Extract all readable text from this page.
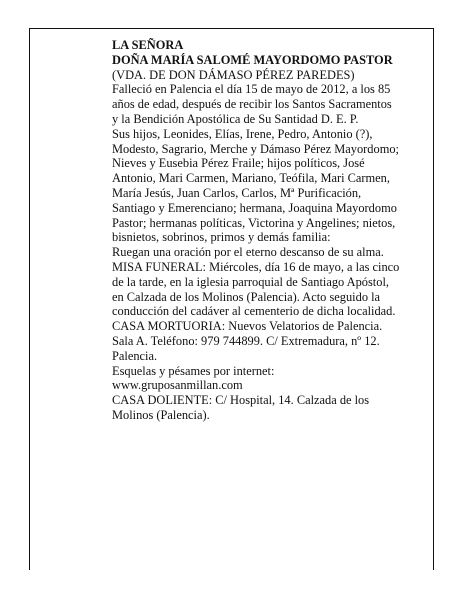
LA SEÑORA

DOÑA MARÍA SALOMÉ MAYORDOMO PASTOR

(VDA. DE DON DÁMASO PÉREZ PAREDES)

Falleció en Palencia el día 15 de mayo de 2012, a los 85 años de edad, después de recibir los Santos Sacramentos y la Bendición Apostólica de Su Santidad D. E. P.

Sus hijos, Leonides, Elías, Irene, Pedro, Antonio (?), Modesto, Sagrario, Merche y Dámaso Pérez Mayordomo; Nieves y Eusebia Pérez Fraile; hijos políticos, José Antonio, Mari Carmen, Mariano, Teófila, Mari Carmen, María Jesús, Juan Carlos, Carlos, Mª Purificación, Santiago y Emerenciano; hermana, Joaquina Mayordomo Pastor; hermanas políticas, Victorina y Angelines; nietos, bisnietos, sobrinos, primos y demás familia:

Ruegan una oración por el eterno descanso de su alma.

MISA FUNERAL: Miércoles, día 16 de mayo, a las cinco de la tarde, en la iglesia parroquial de Santiago Apóstol, en Calzada de los Molinos (Palencia). Acto seguido la conducción del cadáver al cementerio de dicha localidad.

CASA MORTUORIA: Nuevos Velatorios de Palencia. Sala A. Teléfono: 979 744899. C/ Extremadura, nº 12. Palencia.

Esquelas y pésames por internet: www.gruposanmillan.com

CASA DOLIENTE: C/ Hospital, 14. Calzada de los Molinos (Palencia).
